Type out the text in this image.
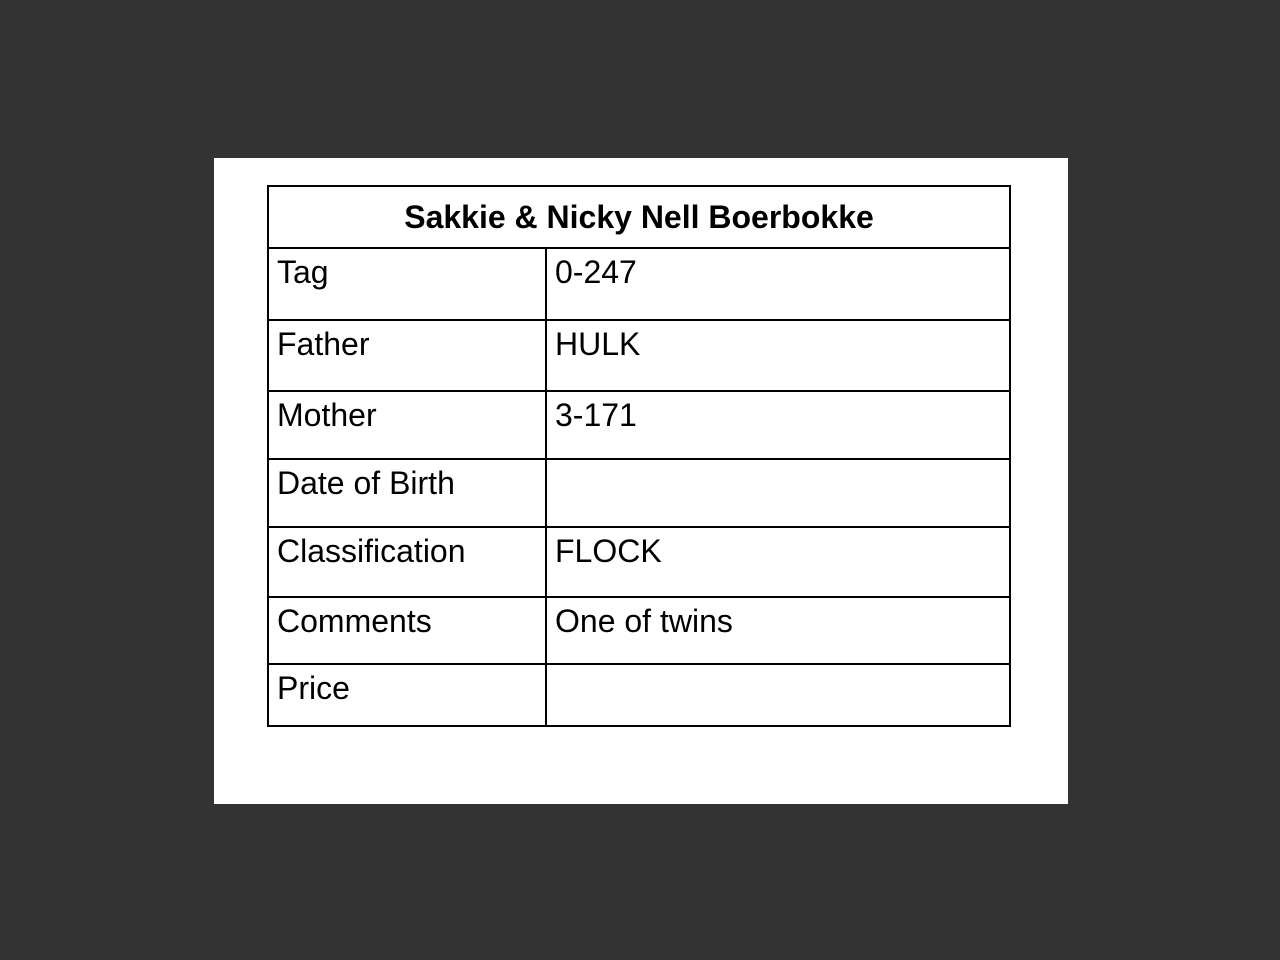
Sakkie & Nicky Nell Boerbokke	
Tag	0-247
Father	HULK
Mother	3-171
Date of Birth	
Classification	FLOCK
Comments	One of twins
Price	
